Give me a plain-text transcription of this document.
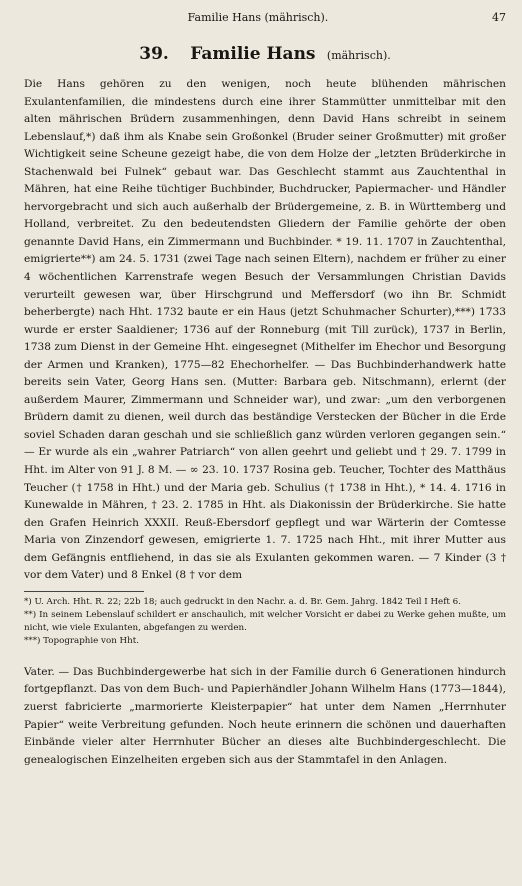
Familie Hans (mährisch).	47
39. Familie Hans (mährisch).

Die Hans gehören zu den wenigen, noch heute blühenden mährischen Exulantenfamilien, die mindestens durch eine ihrer Stammütter unmittelbar mit den alten mährischen Brüdern zusammenhingen, denn David Hans schreibt in seinem Lebenslauf,*) daß ihm als Knabe sein Großonkel (Bruder seiner Großmutter) mit großer Wichtigkeit seine Scheune gezeigt habe, die von dem Holze der „letzten Brüderkirche in Stachenwald bei Fulnek“ gebaut war. Das Geschlecht stammt aus Zauchtenthal in Mähren, hat eine Reihe tüchtiger Buchbinder, Buchdrucker, Papiermacher- und Händler hervorgebracht und sich auch außerhalb der Brüdergemeine, z. B. in Württemberg und Holland, verbreitet. Zu den bedeutendsten Gliedern der Familie gehörte der oben genannte David Hans, ein Zimmermann und Buchbinder. * 19. 11. 1707 in Zauchtenthal, emigrierte**) am 24. 5. 1731 (zwei Tage nach seinen Eltern), nachdem er früher zu einer 4 wöchentlichen Karrenstrafe wegen Besuch der Versammlungen Christian Davids verurteilt gewesen war, über Hirschgrund und Meffersdorf (wo ihn Br. Schmidt beherbergte) nach Hht. 1732 baute er ein Haus (jetzt Schuhmacher Schurter),***) 1733 wurde er erster Saaldiener; 1736 auf der Ronneburg (mit Till zurück), 1737 in Berlin, 1738 zum Dienst in der Gemeine Hht. eingesegnet (Mithelfer im Ehechor und Besorgung der Armen und Kranken), 1775—82 Ehechorhelfer. — Das Buchbinderhandwerk hatte bereits sein Vater, Georg Hans sen. (Mutter: Barbara geb. Nitschmann), erlernt (der außerdem Maurer, Zimmermann und Schneider war), und zwar: „um den verborgenen Brüdern damit zu dienen, weil durch das beständige Verstecken der Bücher in die Erde soviel Schaden daran geschah und sie schließlich ganz würden verloren gegangen sein.“ — Er wurde als ein „wahrer Patriarch“ von allen geehrt und geliebt und † 29. 7. 1799 in Hht. im Alter von 91 J. 8 M. — ∞ 23. 10. 1737 Rosina geb. Teucher, Tochter des Matthäus Teucher († 1758 in Hht.) und der Maria geb. Schulius († 1738 in Hht.), * 14. 4. 1716 in Kunewalde in Mähren, † 23. 2. 1785 in Hht. als Diakonissin der Brüderkirche. Sie hatte den Grafen Heinrich XXXII. Reuß-Ebersdorf gepflegt und war Wärterin der Comtesse Maria von Zinzendorf gewesen, emigrierte 1. 7. 1725 nach Hht., mit ihrer Mutter aus dem Gefängnis entfliehend, in das sie als Exulanten gekommen waren. — 7 Kinder (3 † vor dem Vater) und 8 Enkel (8 † vor dem

*) U. Arch. Hht. R. 22; 22b 18; auch gedruckt in den Nachr. a. d. Br. Gem. Jahrg. 1842 Teil I Heft 6.

**) In seinem Lebenslauf schildert er anschaulich, mit welcher Vorsicht er dabei zu Werke gehen mußte, um nicht, wie viele Exulanten, abgefangen zu werden.

***) Topographie von Hht.

Vater. — Das Buchbindergewerbe hat sich in der Familie durch 6 Generationen hindurch fortgepflanzt. Das von dem Buch- und Papierhändler Johann Wilhelm Hans (1773—1844), zuerst fabricierte „marmorierte Kleisterpapier“ hat unter dem Namen „Herrnhuter Papier“ weite Verbreitung gefunden. Noch heute erinnern die schönen und dauerhaften Einbände vieler alter Herrnhuter Bücher an dieses alte Buchbindergeschlecht. Die genealogischen Einzelheiten ergeben sich aus der Stammtafel in den Anlagen.
